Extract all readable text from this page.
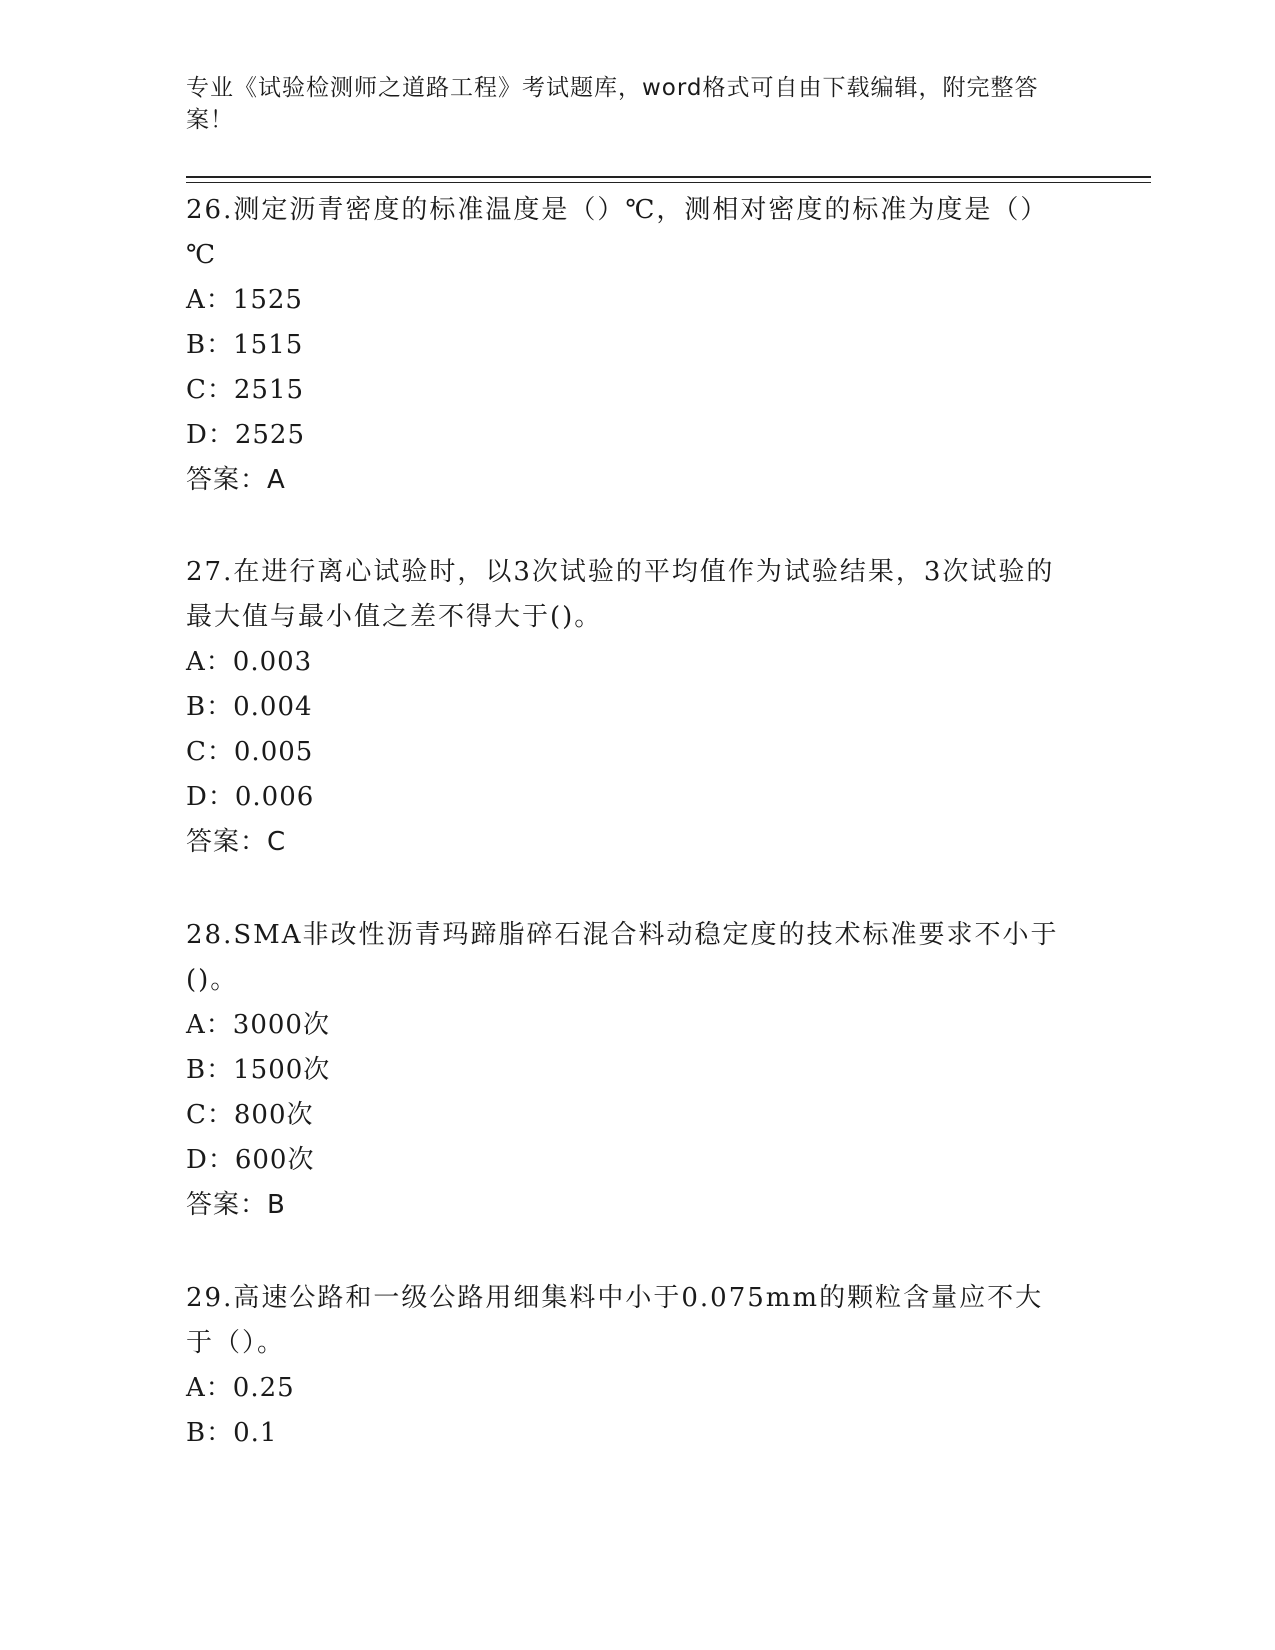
专业《试验检测师之道路工程》考试题库，word格式可自由下载编辑，附完整答案！

26.测定沥青密度的标准温度是（）℃，测相对密度的标准为度是（）℃

A：1525

B：1515

C：2515

D：2525

答案：A

27.在进行离心试验时，以3次试验的平均值作为试验结果，3次试验的最大值与最小值之差不得大于()。

A：0.003

B：0.004

C：0.005

D：0.006

答案：C

28.SMA非改性沥青玛蹄脂碎石混合料动稳定度的技术标准要求不小于()。

A：3000次

B：1500次

C：800次

D：600次

答案：B

29.高速公路和一级公路用细集料中小于0.075mm的颗粒含量应不大于（）。

A：0.25

B：0.1
